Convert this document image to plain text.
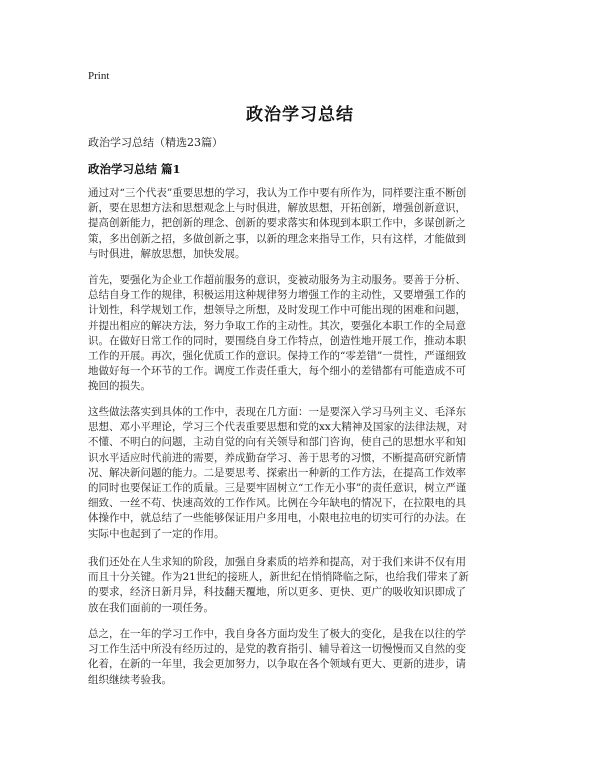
Print
政治学习总结
政治学习总结（精选23篇）
政治学习总结 篇1

通过对“三个代表”重要思想的学习，我认为工作中要有所作为，同样要注重不断创
新，要在思想方法和思想观念上与时俱进，解放思想，开拓创新，增强创新意识，
提高创新能力，把创新的理念、创新的要求落实和体现到本职工作中，多谋创新之
策，多出创新之招，多做创新之事，以新的理念来指导工作，只有这样，才能做到
与时俱进，解放思想，加快发展。

首先，要强化为企业工作超前服务的意识，变被动服务为主动服务。要善于分析、
总结自身工作的规律，积极运用这种规律努力增强工作的主动性，又要增强工作的
计划性，科学规划工作，想领导之所想，及时发现工作中可能出现的困难和问题，
并提出相应的解决方法，努力争取工作的主动性。其次，要强化本职工作的全局意
识。在做好日常工作的同时，要围绕自身工作特点，创造性地开展工作，推动本职
工作的开展。再次，强化优质工作的意识。保持工作的“零差错”一贯性，严谨细致
地做好每一个环节的工作。调度工作责任重大，每个细小的差错都有可能造成不可
挽回的损失。

这些做法落实到具体的工作中，表现在几方面：一是要深入学习马列主义、毛泽东
思想、邓小平理论，学习三个代表重要思想和党的xx大精神及国家的法律法规，对
不懂、不明白的问题，主动自觉的向有关领导和部门咨询，使自己的思想水平和知
识水平适应时代前进的需要，养成勤奋学习、善于思考的习惯，不断提高研究新情
况、解决新问题的能力。二是要思考、探索出一种新的工作方法，在提高工作效率
的同时也要保证工作的质量。三是要牢固树立“工作无小事”的责任意识，树立严谨
细致、一丝不苟、快速高效的工作作风。比例在今年缺电的情况下，在拉限电的具
体操作中，就总结了一些能够保证用户多用电，小限电拉电的切实可行的办法。在
实际中也起到了一定的作用。

我们还处在人生求知的阶段，加强自身素质的培养和提高，对于我们来讲不仅有用
而且十分关键。作为21世纪的接班人，新世纪在悄悄降临之际，也给我们带来了新
的要求，经济日新月异，科技翻天覆地，所以更多、更快、更广的吸收知识即成了
放在我们面前的一项任务。

总之，在一年的学习工作中，我自身各方面均发生了极大的变化，是我在以往的学
习工作生活中所没有经历过的，是党的教育指引、辅导着这一切慢慢而又自然的变
化着，在新的一年里，我会更加努力，以争取在各个领域有更大、更新的进步，请
组织继续考验我。
